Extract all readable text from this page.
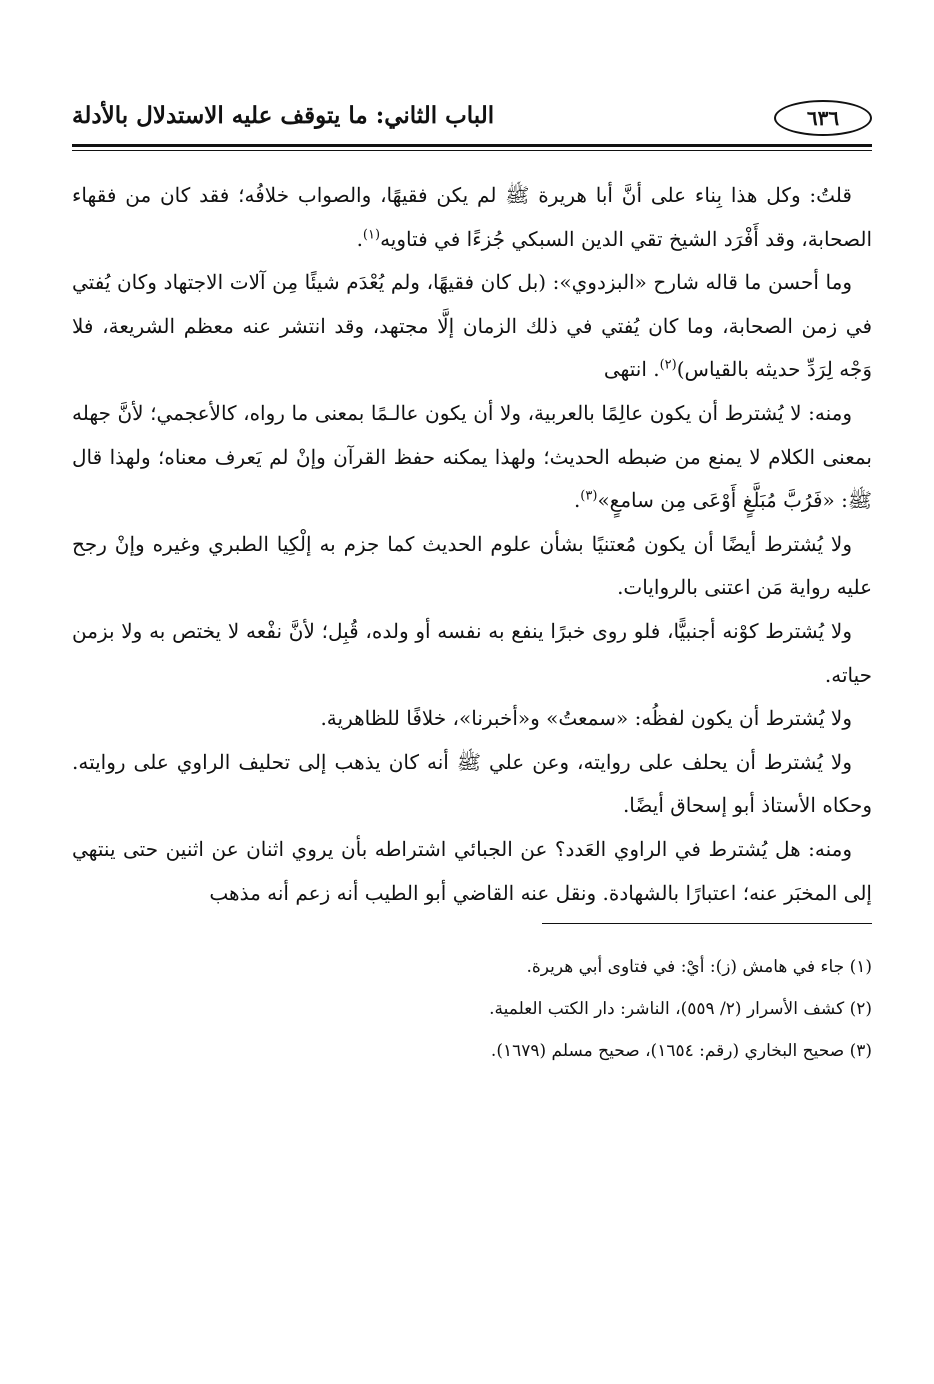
٦٣٦
الباب الثاني: ما يتوقف عليه الاستدلال بالأدلة

قلتُ: وكل هذا بِناء على أنَّ أبا هريرة ﷺ لم يكن فقيهًا، والصواب خلافُه؛ فقد كان من فقهاء الصحابة، وقد أَفْرَد الشيخ تقي الدين السبكي جُزءًا في فتاويه$^{(١)}$.

وما أحسن ما قاله شارح «البزدوي»: (بل كان فقيهًا، ولم يُعْدَم شيئًا مِن آلات الاجتهاد وكان يُفتي في زمن الصحابة، وما كان يُفتي في ذلك الزمان إلَّا مجتهد، وقد انتشر عنه معظم الشريعة، فلا وَجْه لِرَدِّ حديثه بالقياس)$^{(٢)}$. انتهى

ومنه: لا يُشترط أن يكون عالِمًا بالعربية، ولا أن يكون عالـمًا بمعنى ما رواه، كالأعجمي؛ لأنَّ جهله بمعنى الكلام لا يمنع من ضبطه الحديث؛ ولهذا يمكنه حفظ القرآن وإنْ لم يَعرف معناه؛ ولهذا قال ﷺ: «فَرُبَّ مُبَلَّغٍ أَوْعَى مِن سامعٍ»$^{(٣)}$.

ولا يُشترط أيضًا أن يكون مُعتنيًا بشأن علوم الحديث كما جزم به إلْكِيا الطبري وغيره وإنْ رجح عليه رواية مَن اعتنى بالروايات.

ولا يُشترط كوْنه أجنبيًّا، فلو روى خبرًا ينفع به نفسه أو ولده، قُبِل؛ لأنَّ نفْعه لا يختص به ولا بزمن حياته.

ولا يُشترط أن يكون لفظُه: «سمعتُ» و«أخبرنا»، خلافًا للظاهرية.

ولا يُشترط أن يحلف على روايته، وعن علي ﷺ أنه كان يذهب إلى تحليف الراوي على روايته. وحكاه الأستاذ أبو إسحاق أيضًا.

ومنه: هل يُشترط في الراوي العَدد؟ عن الجبائي اشتراطه بأن يروي اثنان عن اثنين حتى ينتهي إلى المخبَر عنه؛ اعتبارًا بالشهادة. ونقل عنه القاضي أبو الطيب أنه زعم أنه مذهب

(١) جاء في هامش (ز): أيْ: في فتاوى أبي هريرة.

(٢) كشف الأسرار (٢/ ٥٥٩)، الناشر: دار الكتب العلمية.

(٣) صحيح البخاري (رقم: ١٦٥٤)، صحيح مسلم (١٦٧٩).
